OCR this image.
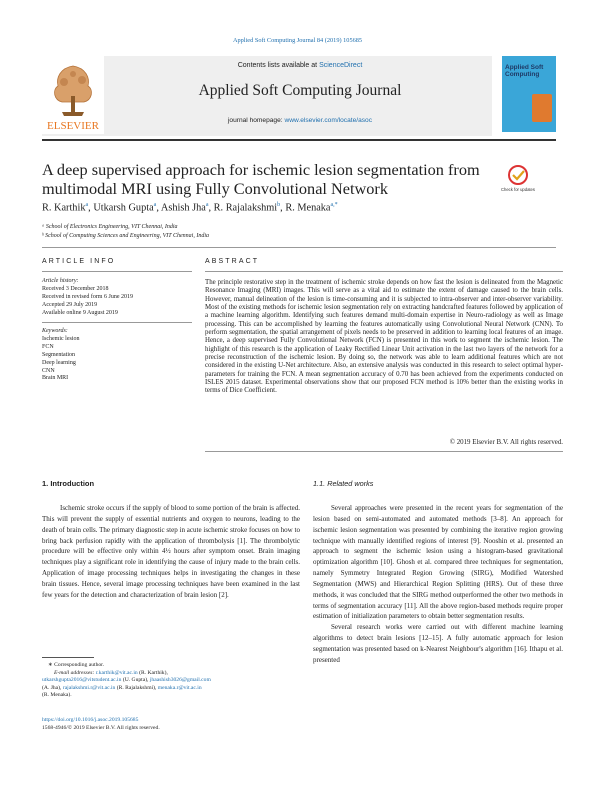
Applied Soft Computing Journal 84 (2019) 105685
ELSEVIER
Contents lists available at ScienceDirect
Applied Soft Computing Journal
journal homepage: www.elsevier.com/locate/asoc
Applied Soft Computing
A deep supervised approach for ischemic lesion segmentation from multimodal MRI using Fully Convolutional Network	Check for updates
R. Karthik$^a$, Utkarsh Gupta$^a$, Ashish Jha$^a$, R. Rajalakshmi$^b$, R. Menaka$^{a,*}$
ᵃ School of Electronics Engineering, VIT Chennai, India
ᵇ School of Computing Sciences and Engineering, VIT Chennai, India
ARTICLE INFO
Article history:
Received 3 December 2018
Received in revised form 6 June 2019
Accepted 29 July 2019
Available online 9 August 2019
Keywords:
Ischemic lesion
FCN
Segmentation
Deep learning
CNN
Brain MRI
ABSTRACT
The principle restorative step in the treatment of ischemic stroke depends on how fast the lesion is delineated from the Magnetic Resonance Imaging (MRI) images. This will serve as a vital aid to estimate the extent of damage caused to the brain cells. However, manual delineation of the lesion is time-consuming and it is subjected to intra-observer and inter-observer variability. Most of the existing methods for ischemic lesion segmentation rely on extracting handcrafted features followed by application of a machine learning algorithm. Identifying such features demand multi-domain expertise in Neuro-radiology as well as Image processing. This can be accomplished by learning the features automatically using Convolutional Neural Network (CNN). To perform segmentation, the spatial arrangement of pixels needs to be preserved in addition to learning local features of an image. Hence, a deep supervised Fully Convolutional Network (FCN) is presented in this work to segment the ischemic lesion. The highlight of this research is the application of Leaky Rectified Linear Unit activation in the last two layers of the network for a precise reconstruction of the ischemic lesion. By doing so, the network was able to learn additional features which are not considered in the existing U-Net architecture. Also, an extensive analysis was conducted in this research to select optimal hyper-parameters for training the FCN. A mean segmentation accuracy of 0.70 has been achieved from the experiments conducted on ISLES 2015 dataset. Experimental observations show that our proposed FCN method is 10% better than the existing works in terms of Dice Coefficient.
© 2019 Elsevier B.V. All rights reserved.
1. Introduction
Ischemic stroke occurs if the supply of blood to some portion of the brain is affected. This will prevent the supply of essential nutrients and oxygen to neurons, leading to the death of brain cells. The primary diagnostic step in acute ischemic stroke focuses on how to bring back perfusion rapidly with the application of thrombolysis [1]. The thrombolytic procedure will be effective only within 4½ hours after symptom onset. Brain imaging techniques play a significant role in identifying the cause of injury made to the brain cells. Application of image processing techniques helps in investigating the changes in these brain tissues. Hence, several image processing techniques have been examined in the last few years for the detection and characterization of brain lesion [2].
∗ Corresponding author.
E-mail addresses: r.karthik@vit.ac.in (R. Karthik),
utkarshgupta2016@vitstudent.ac.in (U. Gupta), jhaashish3026@gmail.com
(A. Jha), rajalakshmi.r@vit.ac.in (R. Rajalakshmi), menaka.r@vit.ac.in
(R. Menaka).
https://doi.org/10.1016/j.asoc.2019.105685
1568-4946/© 2019 Elsevier B.V. All rights reserved.
1.1. Related works

Several approaches were presented in the recent years for segmentation of the lesion based on semi-automated and automated methods [3–8]. An approach for ischemic lesion segmentation was presented by combining the iterative region growing technique with manually identified regions of interest [9]. Nooshin et al. presented an approach to segment the ischemic lesion using a histogram-based gravitational optimization algorithm [10]. Ghosh et al. compared three techniques for segmentation, namely Symmetry Integrated Region Growing (SIRG), Modified Watershed Segmentation (MWS) and Hierarchical Region Splitting (HRS). Out of these three methods, it was concluded that the SIRG method outperformed the other two methods in terms of segmentation accuracy [11]. All the above region-based methods require proper estimation of initialization parameters to obtain better segmentation results.

Several research works were carried out with different machine learning algorithms to detect brain lesions [12–15]. A fully automatic approach for lesion segmentation was presented based on k-Nearest Neighbour's algorithm [16]. Ithapu et al. presented
